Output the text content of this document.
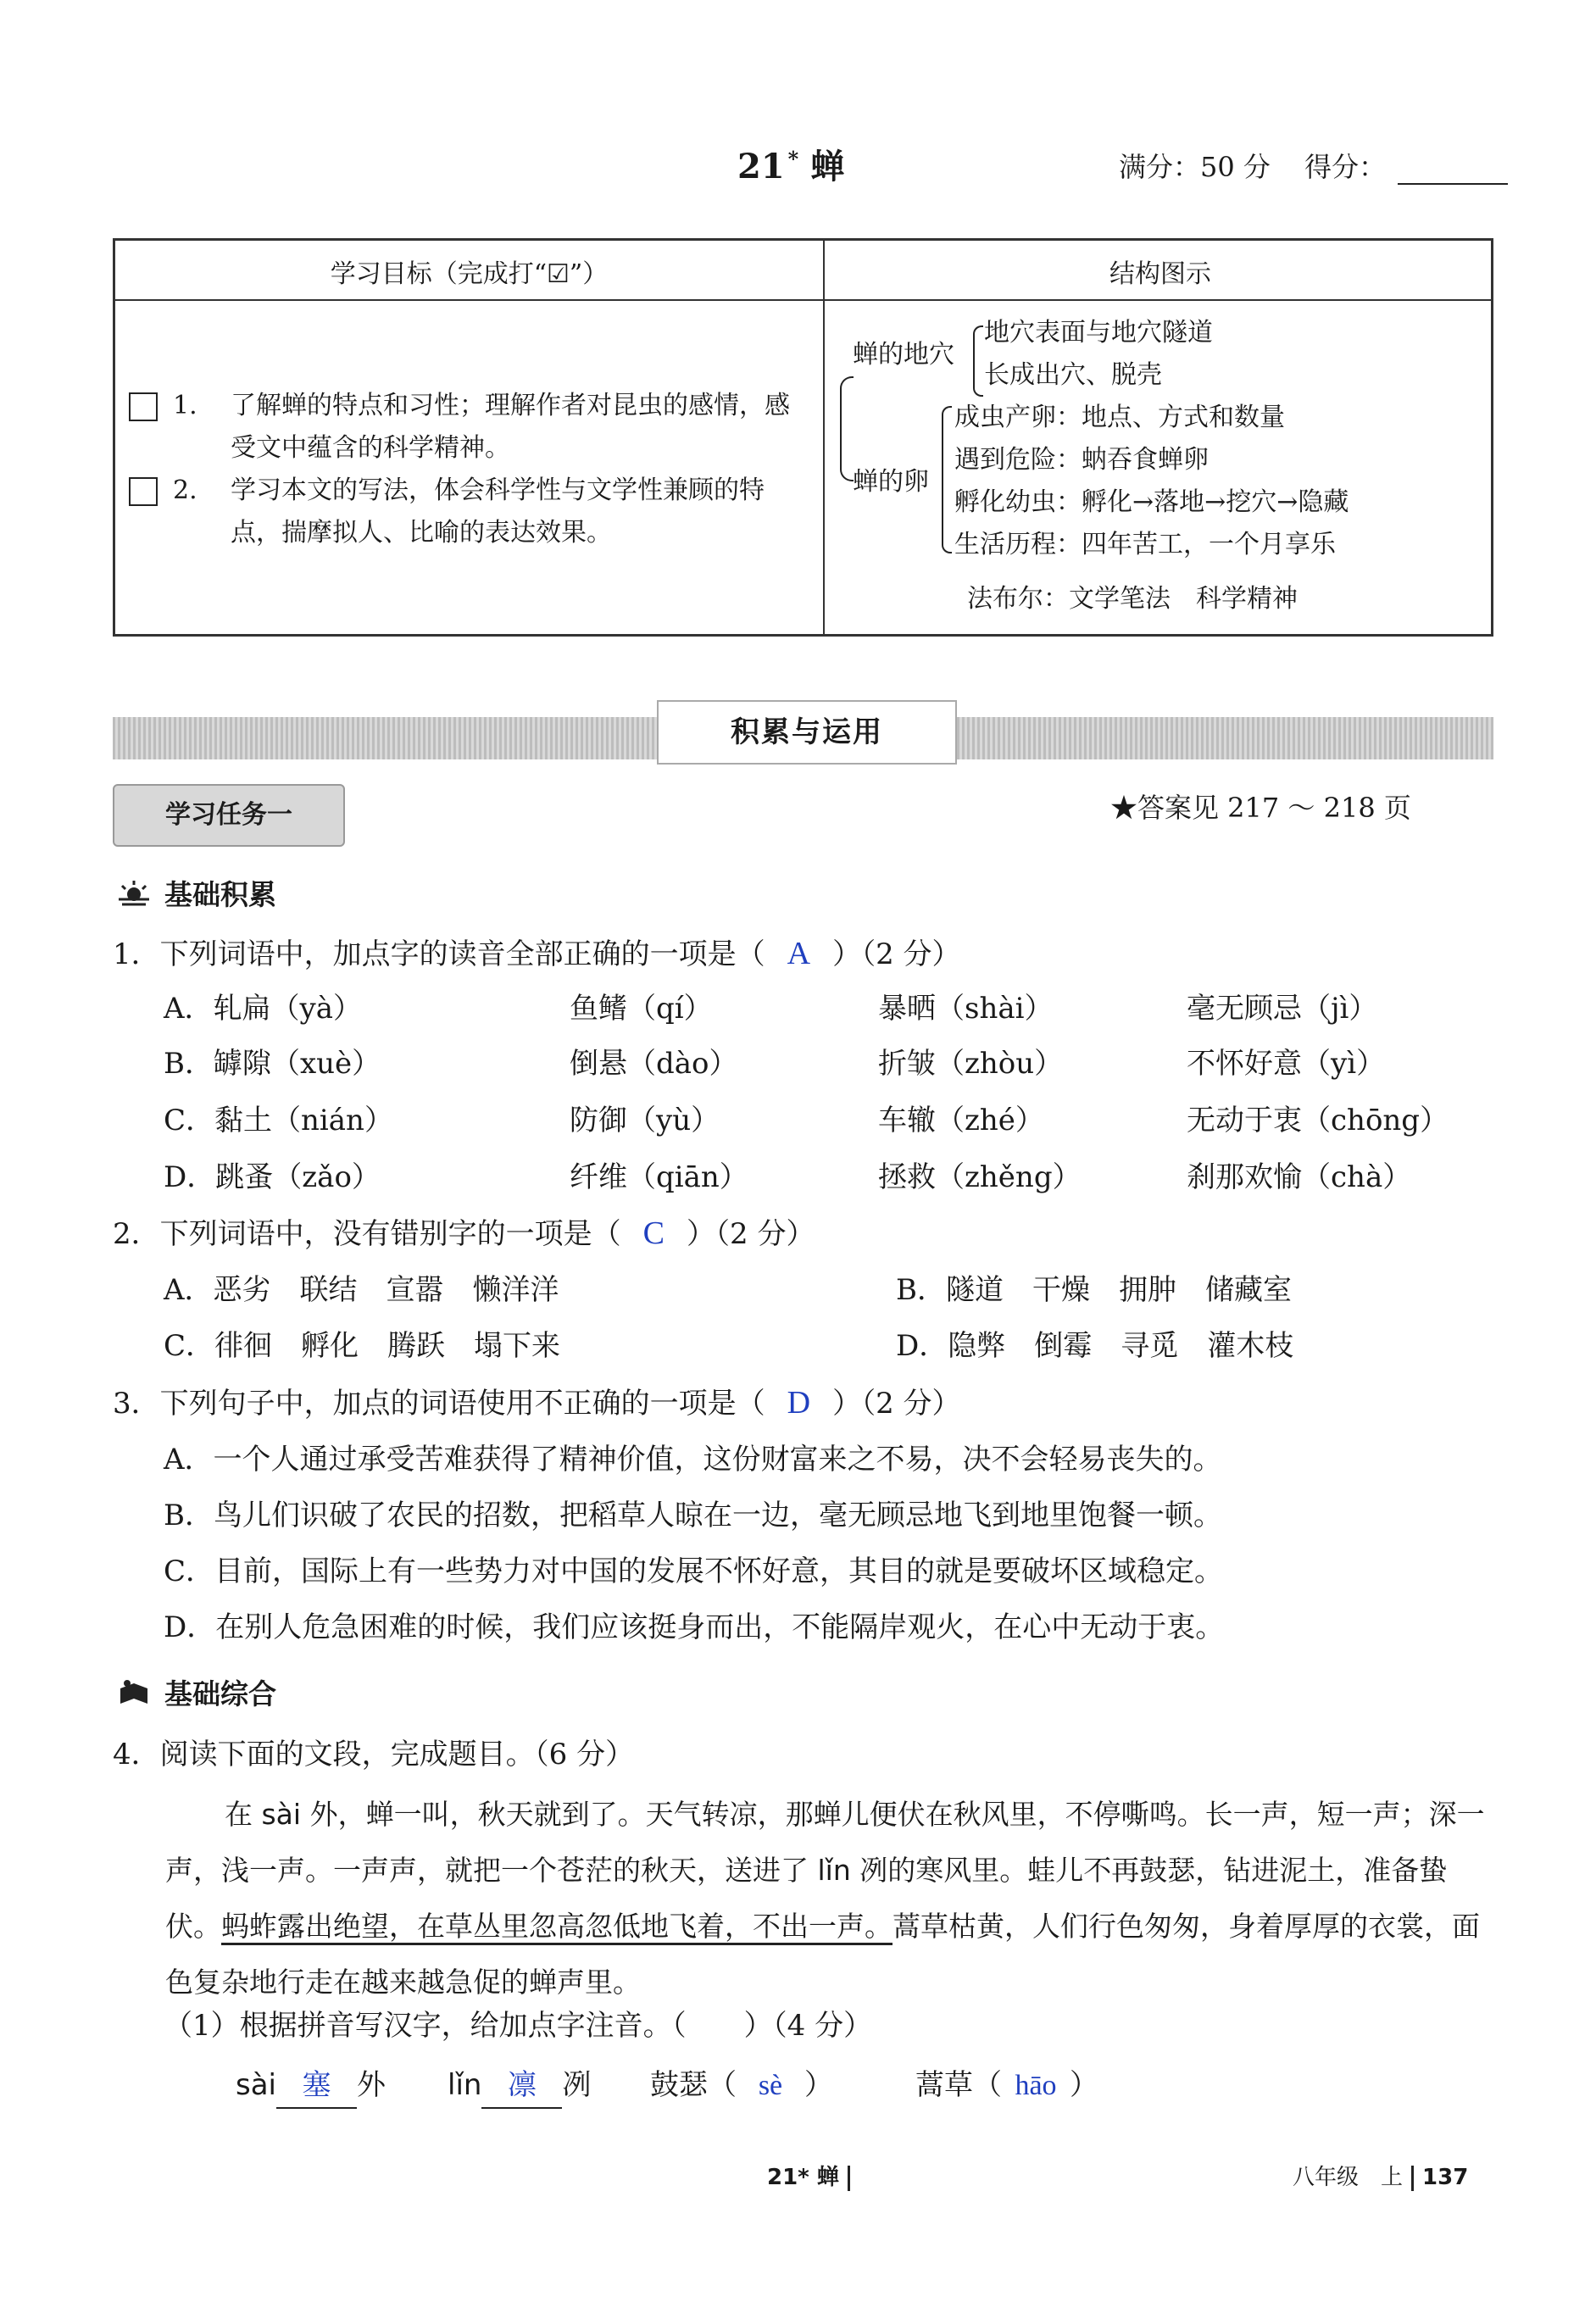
21 * 蝉	满分：50 分 得分：
学习目标（完成打“☑”）	结构图示
1.	了解蝉的特点和习性；理解作者对昆虫的感情，感受文中蕴含的科学精神。
2.	学习本文的写法，体会科学性与文学性兼顾的特点，揣摩拟人、比喻的表达效果。
蝉的地穴
地穴表面与地穴隧道
长成出穴、脱壳
蝉的卵
成虫产卵：地点、方式和数量
遇到危险：蚋吞食蝉卵
孵化幼虫：孵化→落地→挖穴→隐藏
生活历程：四年苦工，一个月享乐
法布尔：文学笔法　科学精神
积累与运用
学习任务一	★答案见 217 ～ 218 页
基础积累
1．下列词语中，加点字的读音全部正确的一项是（ A ）（2 分）
A．轧扁（yà）	鱼鳍（qí）	暴晒（shài）	毫无顾忌（jì）
B．罅隙（xuè）	倒悬（dào）	折皱（zhòu）	不怀好意（yì）
C．黏土（nián）	防御（yù）	车辙（zhé）	无动于衷（chōng）
D．跳蚤（zǎo）	纤维（qiān）	拯救（zhěng）	刹那欢愉（chà）
2．下列词语中，没有错别字的一项是（ C ）（2 分）
A．恶劣　联结　宣嚣　懒洋洋	B．隧道　干燥　拥肿　储藏室
C．徘徊　孵化　腾跃　塌下来	D．隐弊　倒霉　寻觅　灌木枝
3．下列句子中，加点的词语使用不正确的一项是（ D ）（2 分）
A．一个人通过承受苦难获得了精神价值，这份财富来之不易，决不会轻易丧失的。
B．鸟儿们识破了农民的招数，把稻草人晾在一边，毫无顾忌地飞到地里饱餐一顿。
C．目前，国际上有一些势力对中国的发展不怀好意，其目的就是要破坏区域稳定。
D．在别人危急困难的时候，我们应该挺身而出，不能隔岸观火，在心中无动于衷。
基础综合
4．阅读下面的文段，完成题目。（6 分）
在 sài 外，蝉一叫，秋天就到了。天气转凉，那蝉儿便伏在秋风里，不停嘶鸣。长一声，短一声；深一声，浅一声。一声声，就把一个苍茫的秋天，送进了 lǐn 冽的寒风里。蛙儿不再鼓瑟，钻进泥土，准备蛰伏。蚂蚱露出绝望，在草丛里忽高忽低地飞着，不出一声。蒿草枯黄，人们行色匆匆，身着厚厚的衣裳，面色复杂地行走在越来越急促的蝉声里。
（1）根据拼音写汉字，给加点字注音。（　　）（4 分）
sài 塞 外 lǐn 凛 冽 鼓瑟（ sè ）	蒿草（ hāo ）
21* 蝉	八年级　上 137
